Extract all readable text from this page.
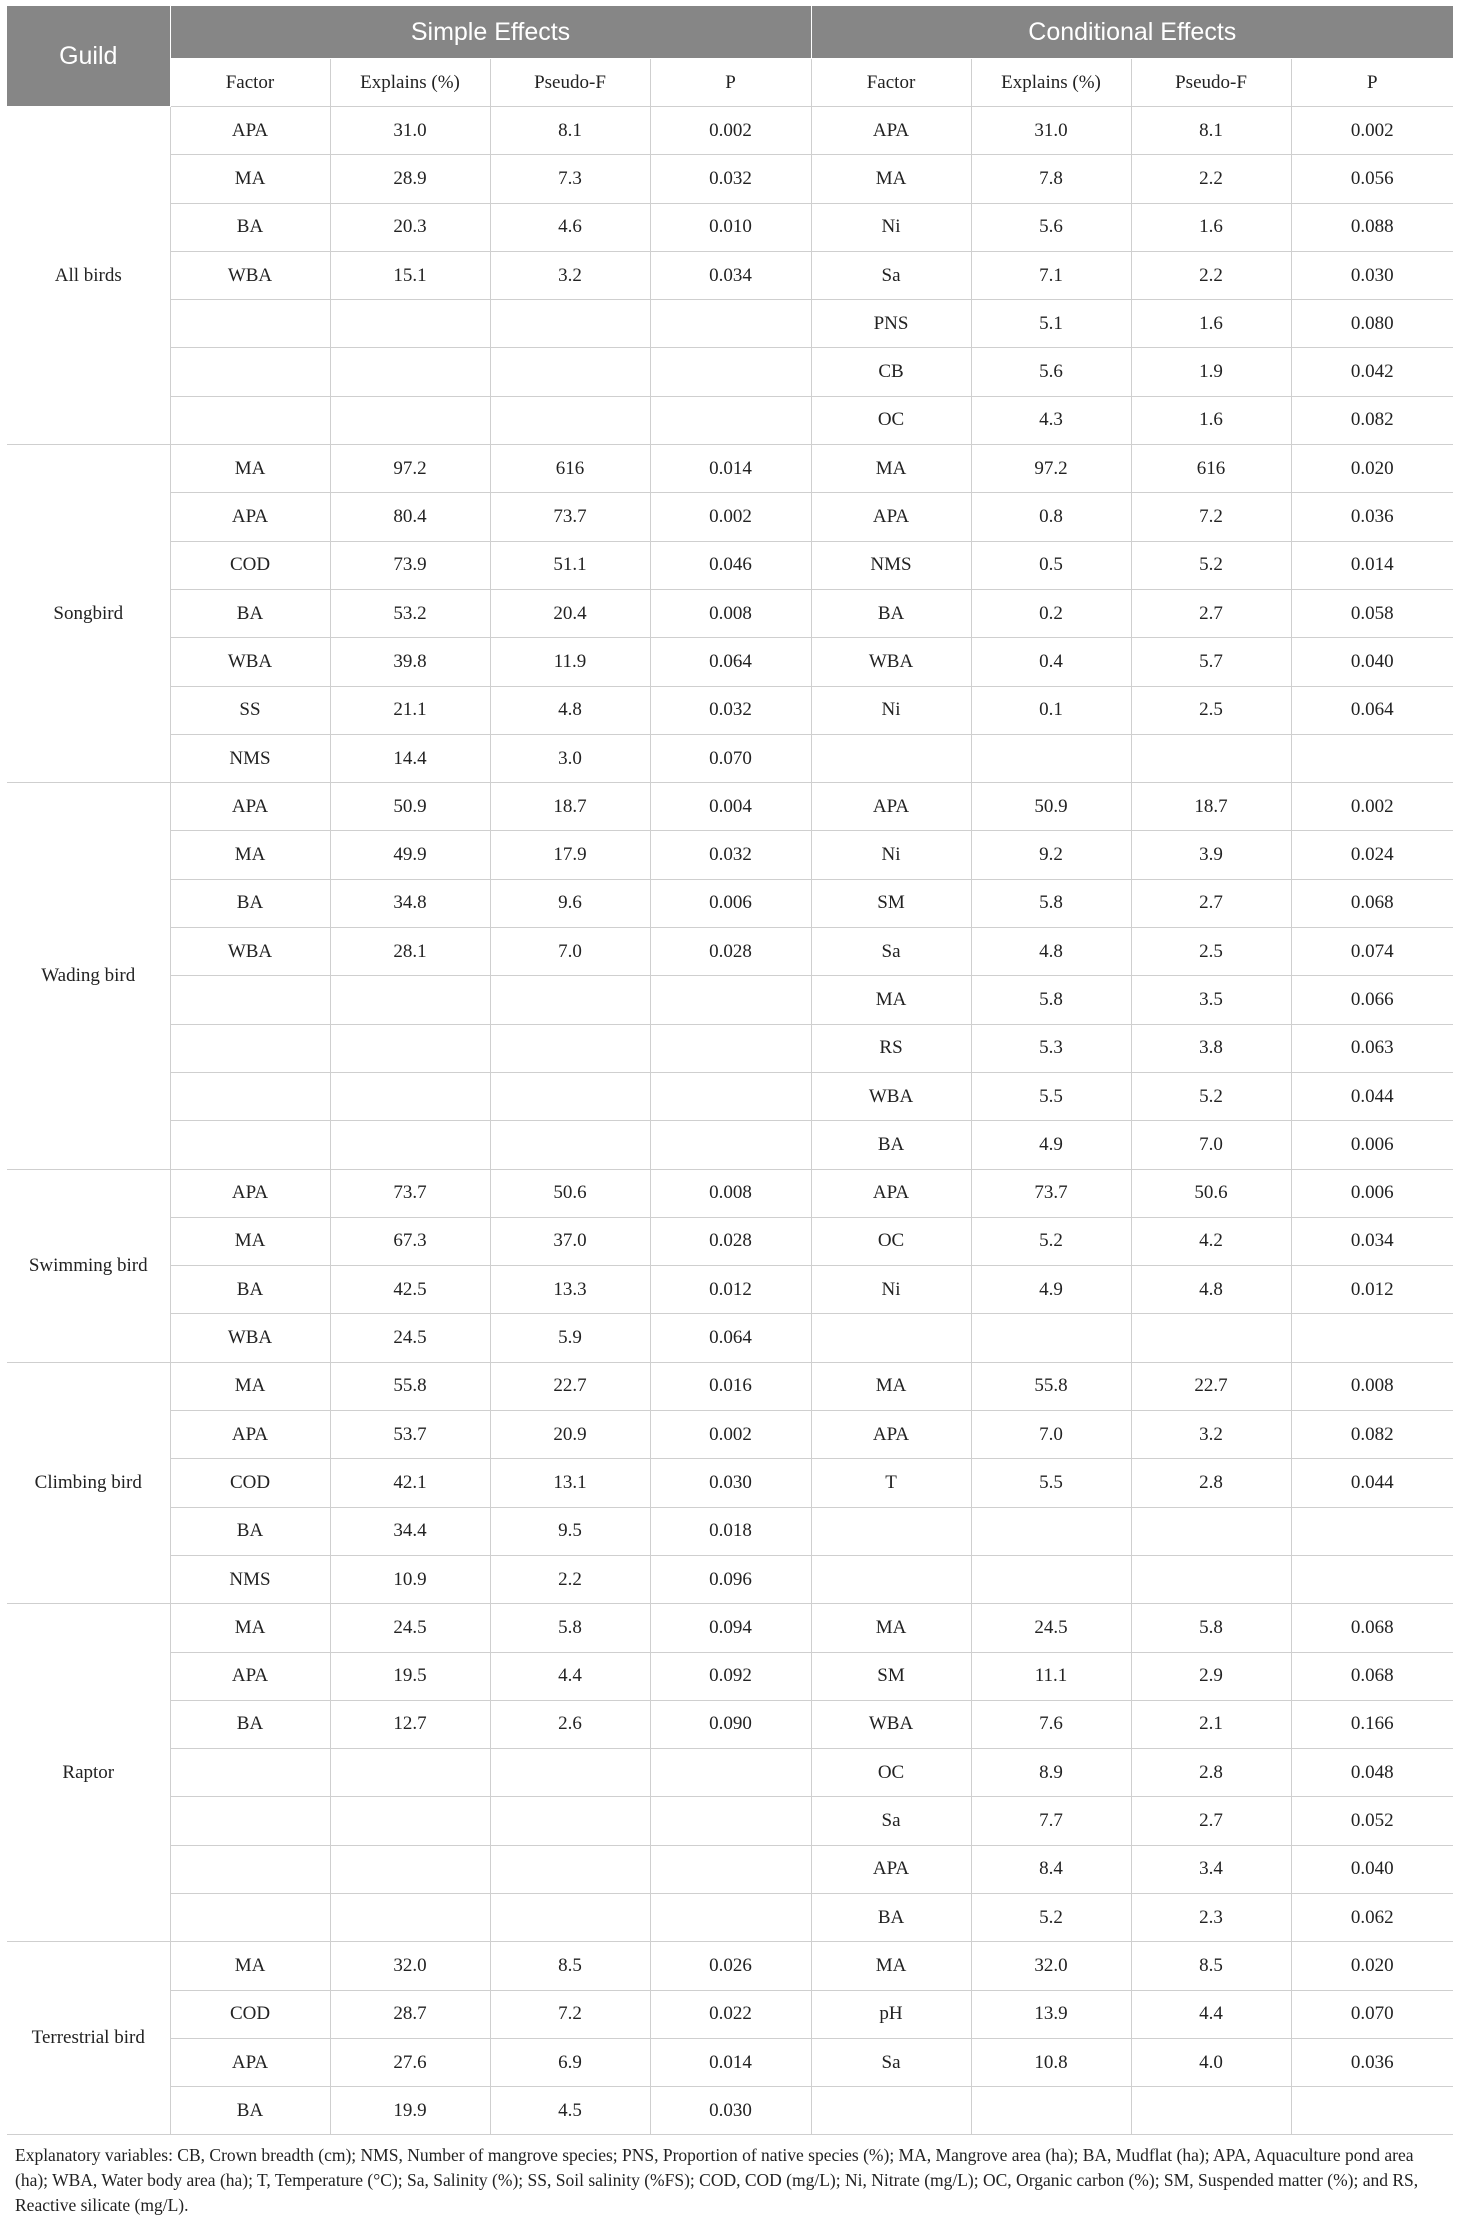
Guild	Simple Effects				Conditional Effects			
	Factor	Explains (%)	Pseudo-F	P	Factor	Explains (%)	Pseudo-F	P
All birds	APA	31.0	8.1	0.002	APA	31.0	8.1	0.002
	MA	28.9	7.3	0.032	MA	7.8	2.2	0.056
	BA	20.3	4.6	0.010	Ni	5.6	1.6	0.088
	WBA	15.1	3.2	0.034	Sa	7.1	2.2	0.030
					PNS	5.1	1.6	0.080
					CB	5.6	1.9	0.042
					OC	4.3	1.6	0.082
Songbird	MA	97.2	616	0.014	MA	97.2	616	0.020
	APA	80.4	73.7	0.002	APA	0.8	7.2	0.036
	COD	73.9	51.1	0.046	NMS	0.5	5.2	0.014
	BA	53.2	20.4	0.008	BA	0.2	2.7	0.058
	WBA	39.8	11.9	0.064	WBA	0.4	5.7	0.040
	SS	21.1	4.8	0.032	Ni	0.1	2.5	0.064
	NMS	14.4	3.0	0.070				
Wading bird	APA	50.9	18.7	0.004	APA	50.9	18.7	0.002
	MA	49.9	17.9	0.032	Ni	9.2	3.9	0.024
	BA	34.8	9.6	0.006	SM	5.8	2.7	0.068
	WBA	28.1	7.0	0.028	Sa	4.8	2.5	0.074
					MA	5.8	3.5	0.066
					RS	5.3	3.8	0.063
					WBA	5.5	5.2	0.044
					BA	4.9	7.0	0.006
Swimming bird	APA	73.7	50.6	0.008	APA	73.7	50.6	0.006
	MA	67.3	37.0	0.028	OC	5.2	4.2	0.034
	BA	42.5	13.3	0.012	Ni	4.9	4.8	0.012
	WBA	24.5	5.9	0.064				
Climbing bird	MA	55.8	22.7	0.016	MA	55.8	22.7	0.008
	APA	53.7	20.9	0.002	APA	7.0	3.2	0.082
	COD	42.1	13.1	0.030	T	5.5	2.8	0.044
	BA	34.4	9.5	0.018				
	NMS	10.9	2.2	0.096				
Raptor	MA	24.5	5.8	0.094	MA	24.5	5.8	0.068
	APA	19.5	4.4	0.092	SM	11.1	2.9	0.068
	BA	12.7	2.6	0.090	WBA	7.6	2.1	0.166
					OC	8.9	2.8	0.048
					Sa	7.7	2.7	0.052
					APA	8.4	3.4	0.040
					BA	5.2	2.3	0.062
Terrestrial bird	MA	32.0	8.5	0.026	MA	32.0	8.5	0.020
	COD	28.7	7.2	0.022	pH	13.9	4.4	0.070
	APA	27.6	6.9	0.014	Sa	10.8	4.0	0.036
	BA	19.9	4.5	0.030				
Explanatory variables: CB, Crown breadth (cm); NMS, Number of mangrove species; PNS, Proportion of native species (%); MA, Mangrove area (ha); BA, Mudflat (ha); APA, Aquaculture pond area (ha); WBA, Water body area (ha); T, Temperature (°C); Sa, Salinity (%); SS, Soil salinity (%FS); COD, COD (mg/L); Ni, Nitrate (mg/L); OC, Organic carbon (%); SM, Suspended matter (%); and RS, Reactive silicate (mg/L).
